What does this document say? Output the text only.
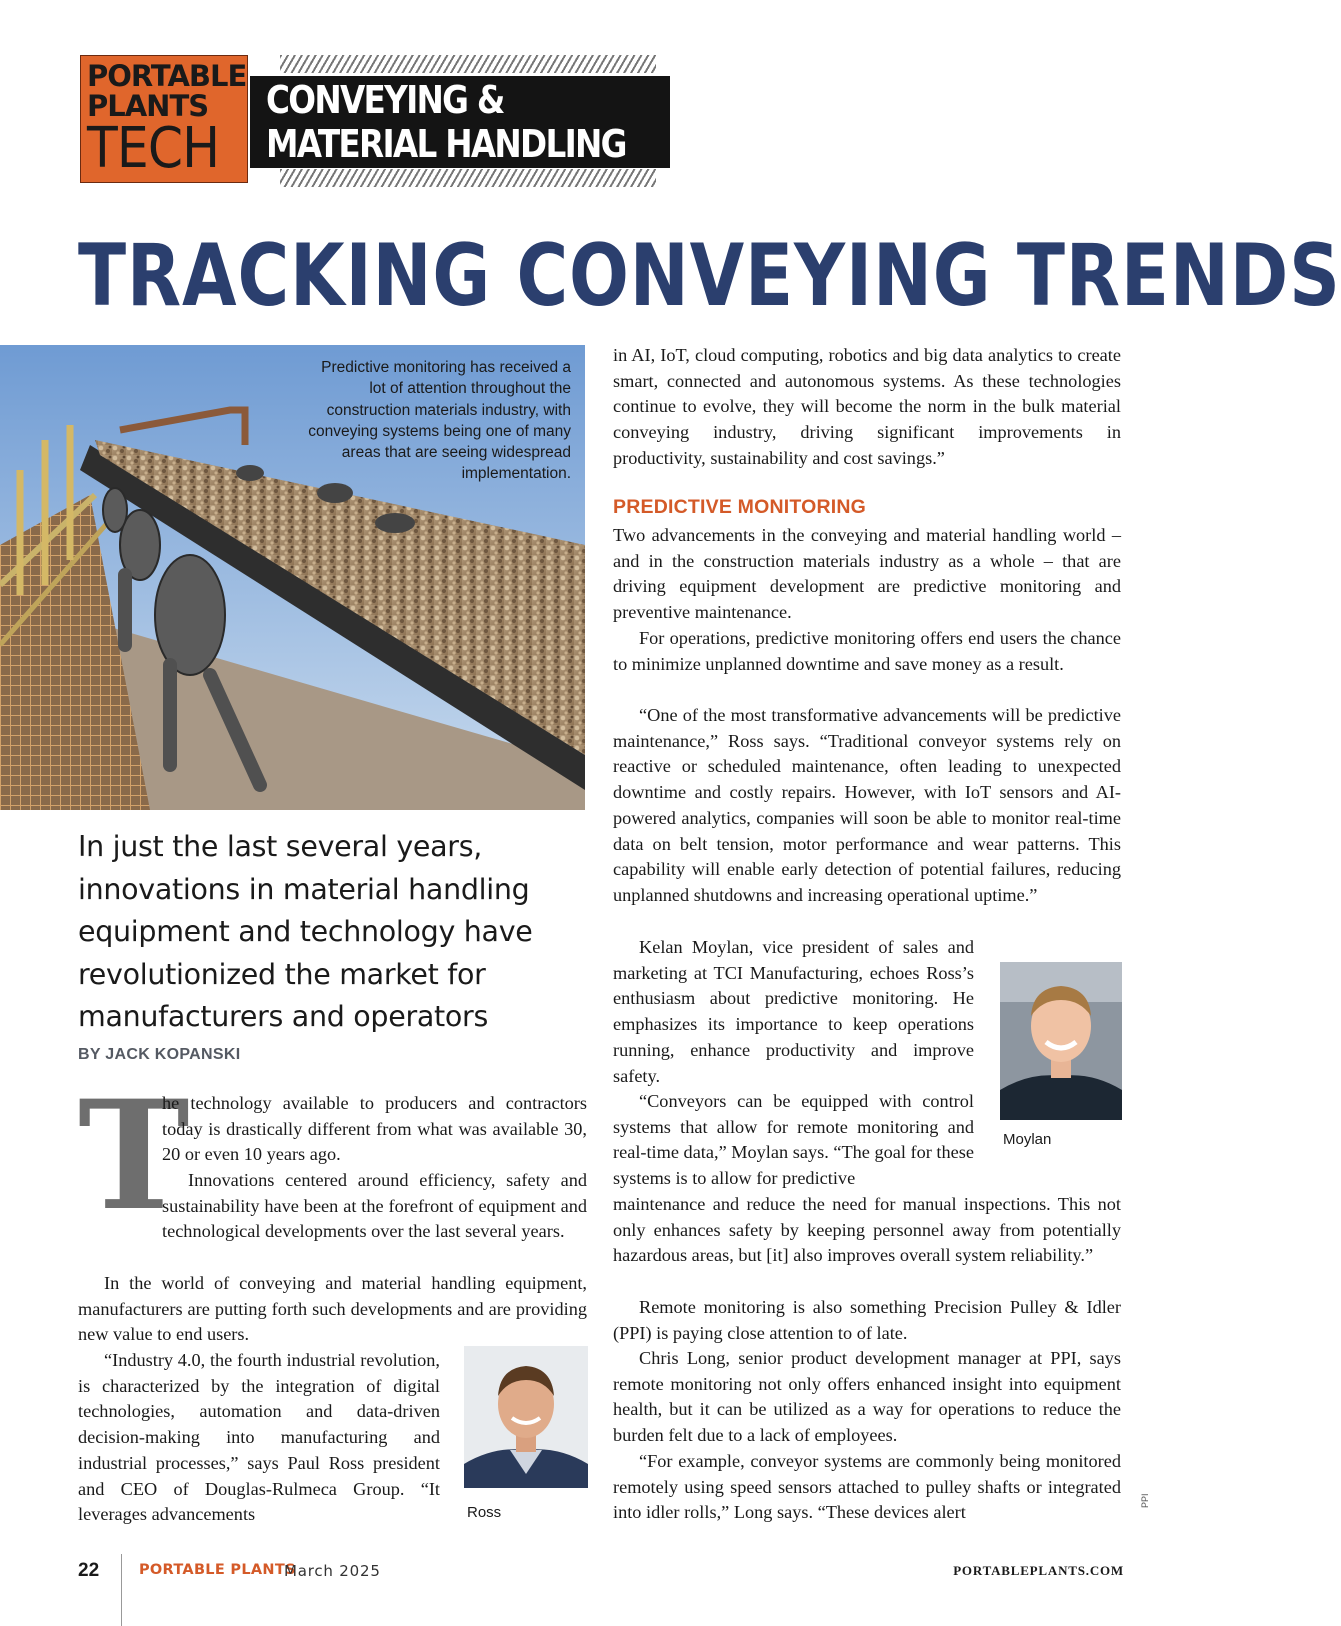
PORTABLE
PLANTS
TECH
CONVEYING &
MATERIAL HANDLING
TRACKING CONVEYING TRENDS
Predictive monitoring has received a lot of attention throughout the construction materials industry, with conveying systems being one of many areas that are seeing widespread implementation.
In just the last several years, innovations in material handling equipment and technology have revolutionized the market for manufacturers and operators
BY JACK KOPANSKI
T

he technology available to producers and contractors today is drastically different from what was available 30, 20 or even 10 years ago.

Innovations centered around efficiency, safety and sustainability have been at the forefront of equipment and technological developments over the last several years.

In the world of conveying and material handling equipment, manufacturers are putting forth such developments and are providing new value to end users.

“Industry 4.0, the fourth industrial revolution, is characterized by the integration of digital technologies, automation and data-driven decision-making into manufacturing and industrial processes,” says Paul Ross president and CEO of Douglas-Rulmeca Group. “It leverages advancements	Ross

in AI, IoT, cloud computing, robotics and big data analytics to create smart, connected and autonomous systems. As these technologies continue to evolve, they will become the norm in the bulk material conveying industry, driving significant improvements in productivity, sustainability and cost savings.”

PREDICTIVE MONITORING

Two advancements in the conveying and material handling world – and in the construction materials industry as a whole – that are driving equipment development are predictive monitoring and preventive maintenance.

For operations, predictive monitoring offers end users the chance to minimize unplanned downtime and save money as a result.

“One of the most transformative advancements will be predictive maintenance,” Ross says. “Traditional conveyor systems rely on reactive or scheduled maintenance, often leading to unexpected downtime and costly repairs. However, with IoT sensors and AI-powered analytics, companies will soon be able to monitor real-time data on belt tension, motor performance and wear patterns. This capability will enable early detection of potential failures, reducing unplanned shutdowns and increasing operational uptime.”

Kelan Moylan, vice president of sales and marketing at TCI Manufacturing, echoes Ross’s enthusiasm about predictive monitoring. He emphasizes its importance to keep operations running, enhance productivity and improve safety.

“Conveyors can be equipped with control systems that allow for remote monitoring and real-time data,” Moylan says. “The goal for these systems is to allow for predictive

maintenance and reduce the need for manual inspections. This not only enhances safety by keeping personnel away from potentially hazardous areas, but [it] also improves overall system reliability.”

Remote monitoring is also something Precision Pulley & Idler (PPI) is paying close attention to of late.

Chris Long, senior product development manager at PPI, says remote monitoring not only offers enhanced insight into equipment health, but it can be utilized as a way for operations to reduce the burden felt due to a lack of employees.

“For example, conveyor systems are commonly being monitored remotely using speed sensors attached to pulley shafts or integrated into idler rolls,” Long says. “These devices alert

Moylan
PPI
22	PORTABLE PLANTS
March 2025	PORTABLEPLANTS.COM
